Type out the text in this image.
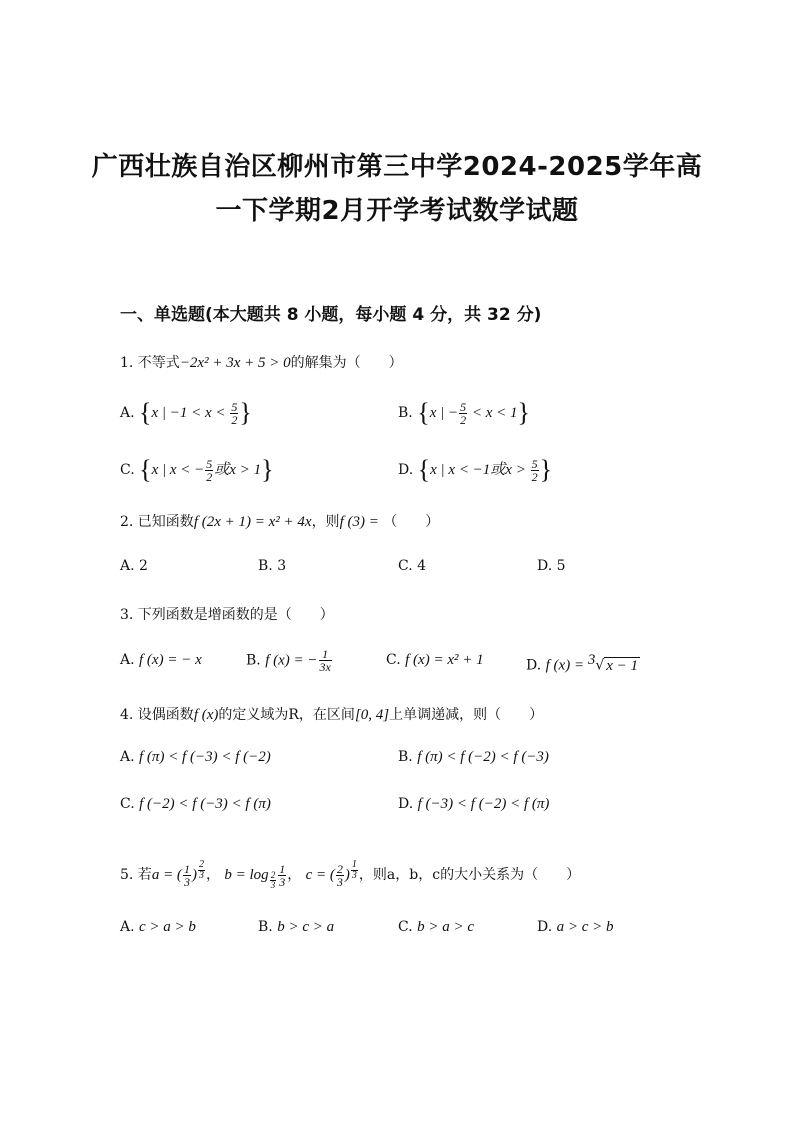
广西壮族自治区柳州市第三中学2024-2025学年高
一下学期2月开学考试数学试题
一、单选题(本大题共 8 小题，每小题 4 分，共 32 分)
1. 不等式−2x² + 3x + 5 > 0的解集为（　　）
A. {x | $-1 < x < \frac{5}{2}$ }	B. {x | − $\frac{5}{2} < x < 1$}
C. {x | x < − $\frac{5}{2}$ 或x > 1}	D. {x | x < −1或$x > \frac{5}{2}$ }
2. 已知函数f (2x + 1) = x² + 4x，则f (3) = （　　）
A. 2	B. 3	C. 4	D. 5
3. 下列函数是增函数的是（　　）
A. f (x) = − x	B. f (x) = − $\frac{1}{3x}$	C. f (x) = x² + 1	D. f (x) = $^3$√ x − 1
4. 设偶函数f (x)的定义域为R，在区间[0, 4]上单调递减，则（　　）
A. f (π) < f (−3) < f (−2)	B. f (π) < f (−2) < f (−3)
C. f (−2) < f (−3) < f (π)	D. f (−3) < f (−2) < f (π)
5. 若a = ( $\frac{1}{3}$ ) $^{\frac{2}{3}}$ ， $b = \log _{\frac{2}{3}} \frac{1}{3}$ ， c = ( $\frac{2}{3}$ ) $^{\frac{1}{3}}$ ，则a，b，c的大小关系为（　　）
A. c > a > b	B. b > c > a	C. b > a > c	D. a > c > b
